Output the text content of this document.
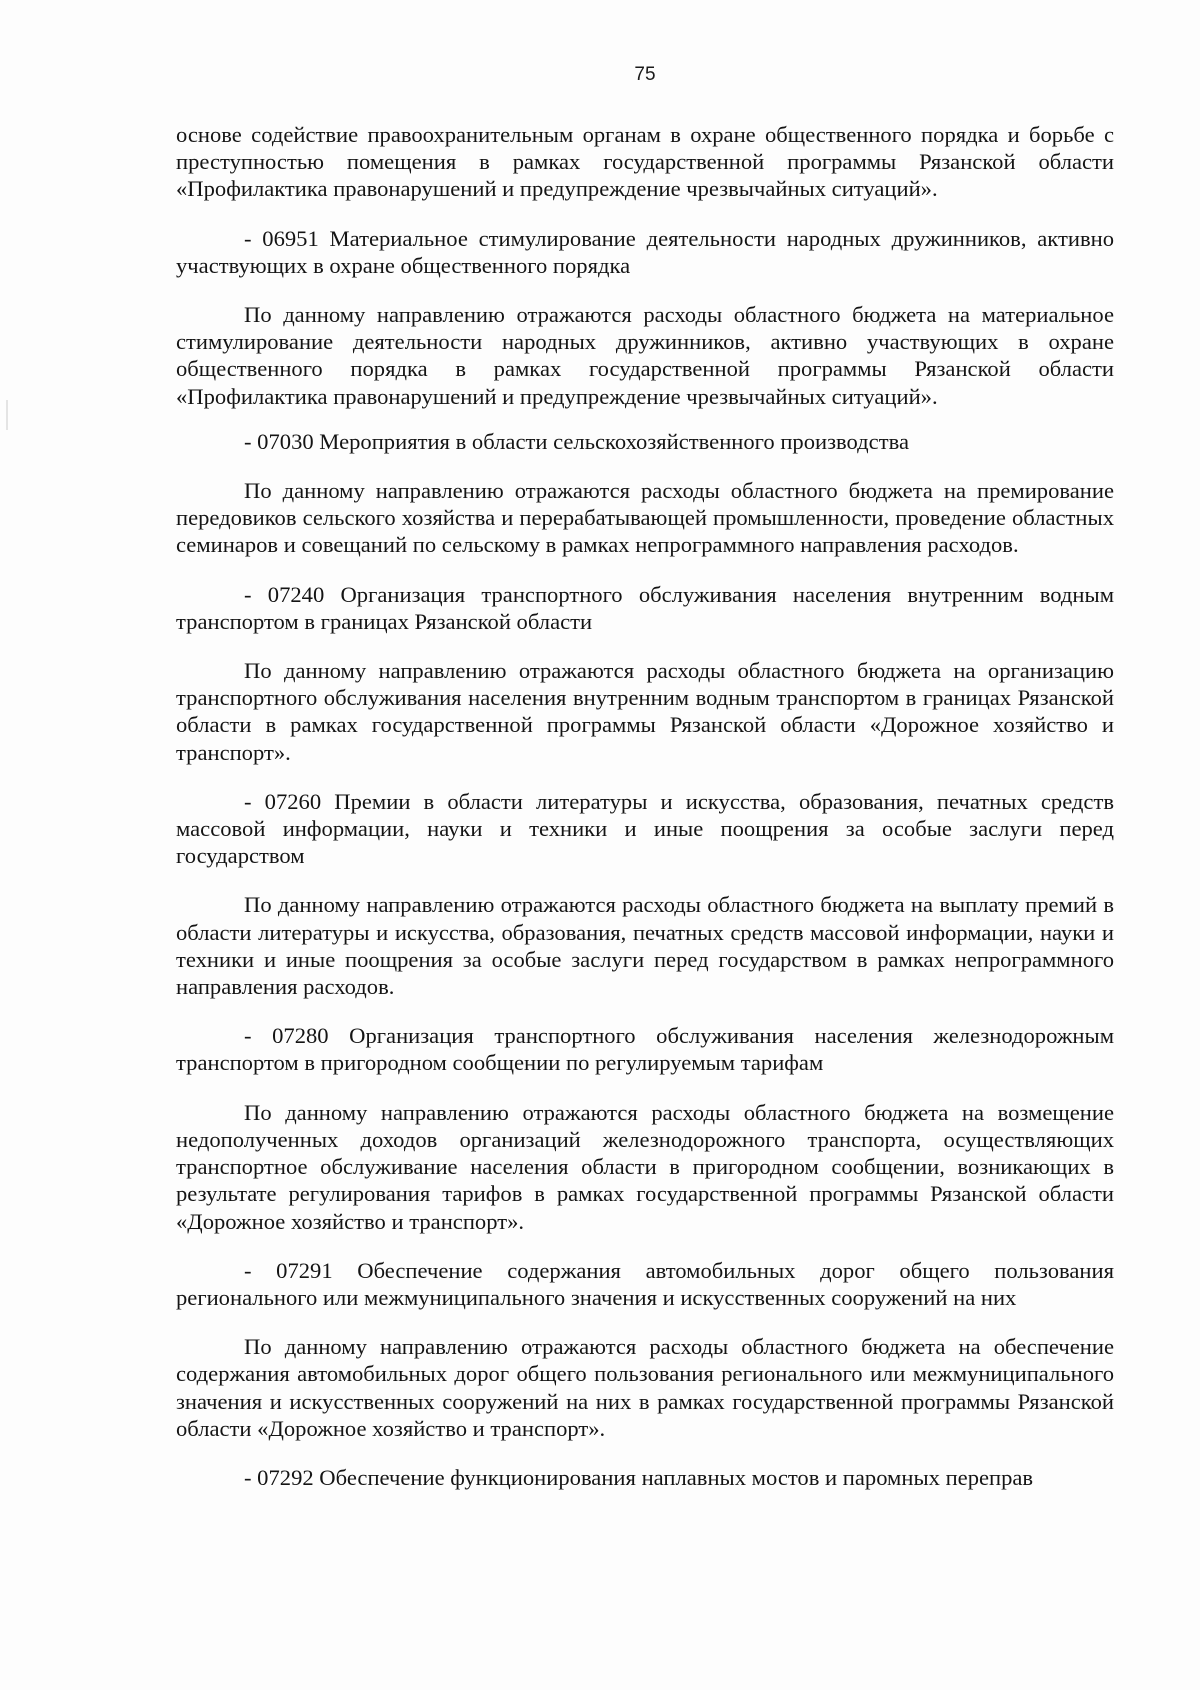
75

основе содействие правоохранительным органам в охране общественного порядка и борьбе с преступностью помещения в рамках государственной программы Рязанской области «Профилактика правонарушений и предупреждение чрезвычайных ситуаций».

- 06951 Материальное стимулирование деятельности народных дружинников, активно участвующих в охране общественного порядка

По данному направлению отражаются расходы областного бюджета на материальное стимулирование деятельности народных дружинников, активно участвующих в охране общественного порядка в рамках государственной программы Рязанской области «Профилактика правонарушений и предупреждение чрезвычайных ситуаций».

- 07030 Мероприятия в области сельскохозяйственного производства

По данному направлению отражаются расходы областного бюджета на премирование передовиков сельского хозяйства и перерабатывающей промышленности, проведение областных семинаров и совещаний по сельскому в рамках непрограммного направления расходов.

- 07240 Организация транспортного обслуживания населения внутренним водным транспортом в границах Рязанской области

По данному направлению отражаются расходы областного бюджета на организацию транспортного обслуживания населения внутренним водным транспортом в границах Рязанской области в рамках государственной программы Рязанской области «Дорожное хозяйство и транспорт».

- 07260 Премии в области литературы и искусства, образования, печатных средств массовой информации, науки и техники и иные поощрения за особые заслуги перед государством

По данному направлению отражаются расходы областного бюджета на выплату премий в области литературы и искусства, образования, печатных средств массовой информации, науки и техники и иные поощрения за особые заслуги перед государством в рамках непрограммного направления расходов.

- 07280 Организация транспортного обслуживания населения железнодорожным транспортом в пригородном сообщении по регулируемым тарифам

По данному направлению отражаются расходы областного бюджета на возмещение недополученных доходов организаций железнодорожного транспорта, осуществляющих транспортное обслуживание населения области в пригородном сообщении, возникающих в результате регулирования тарифов в рамках государственной программы Рязанской области «Дорожное хозяйство и транспорт».

- 07291 Обеспечение содержания автомобильных дорог общего пользования регионального или межмуниципального значения и искусственных сооружений на них

По данному направлению отражаются расходы областного бюджета на обеспечение содержания автомобильных дорог общего пользования регионального или межмуниципального значения и искусственных сооружений на них в рамках государственной программы Рязанской области «Дорожное хозяйство и транспорт».

- 07292 Обеспечение функционирования наплавных мостов и паромных переправ
